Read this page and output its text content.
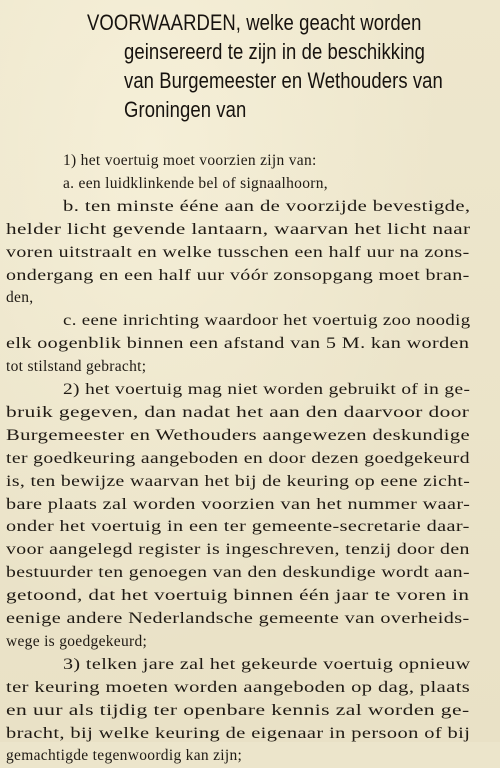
VOORWAARDEN, welke geacht worden
geinsereerd te zijn in de beschikking
van Burgemeester en Wethouders van
Groningen van
1) het voertuig moet voorzien zijn van:
a. een luidklinkende bel of signaalhoorn,
b. ten minste ééne aan de voorzijde bevestigde,
helder licht gevende lantaarn, waarvan het licht naar
voren uitstraalt en welke tusschen een half uur na zons-
ondergang en een half uur vóór zonsopgang moet bran-
den,
c. eene inrichting waardoor het voertuig zoo noodig
elk oogenblik binnen een afstand van 5 M. kan worden
tot stilstand gebracht;
2) het voertuig mag niet worden gebruikt of in ge-
bruik gegeven, dan nadat het aan den daarvoor door
Burgemeester en Wethouders aangewezen deskundige
ter goedkeuring aangeboden en door dezen goedgekeurd
is, ten bewijze waarvan het bij de keuring op eene zicht-
bare plaats zal worden voorzien van het nummer waar-
onder het voertuig in een ter gemeente-secretarie daar-
voor aangelegd register is ingeschreven, tenzij door den
bestuurder ten genoegen van den deskundige wordt aan-
getoond, dat het voertuig binnen één jaar te voren in
eenige andere Nederlandsche gemeente van overheids-
wege is goedgekeurd;
3) telken jare zal het gekeurde voertuig opnieuw
ter keuring moeten worden aangeboden op dag, plaats
en uur als tijdig ter openbare kennis zal worden ge-
bracht, bij welke keuring de eigenaar in persoon of bij
gemachtigde tegenwoordig kan zijn;
